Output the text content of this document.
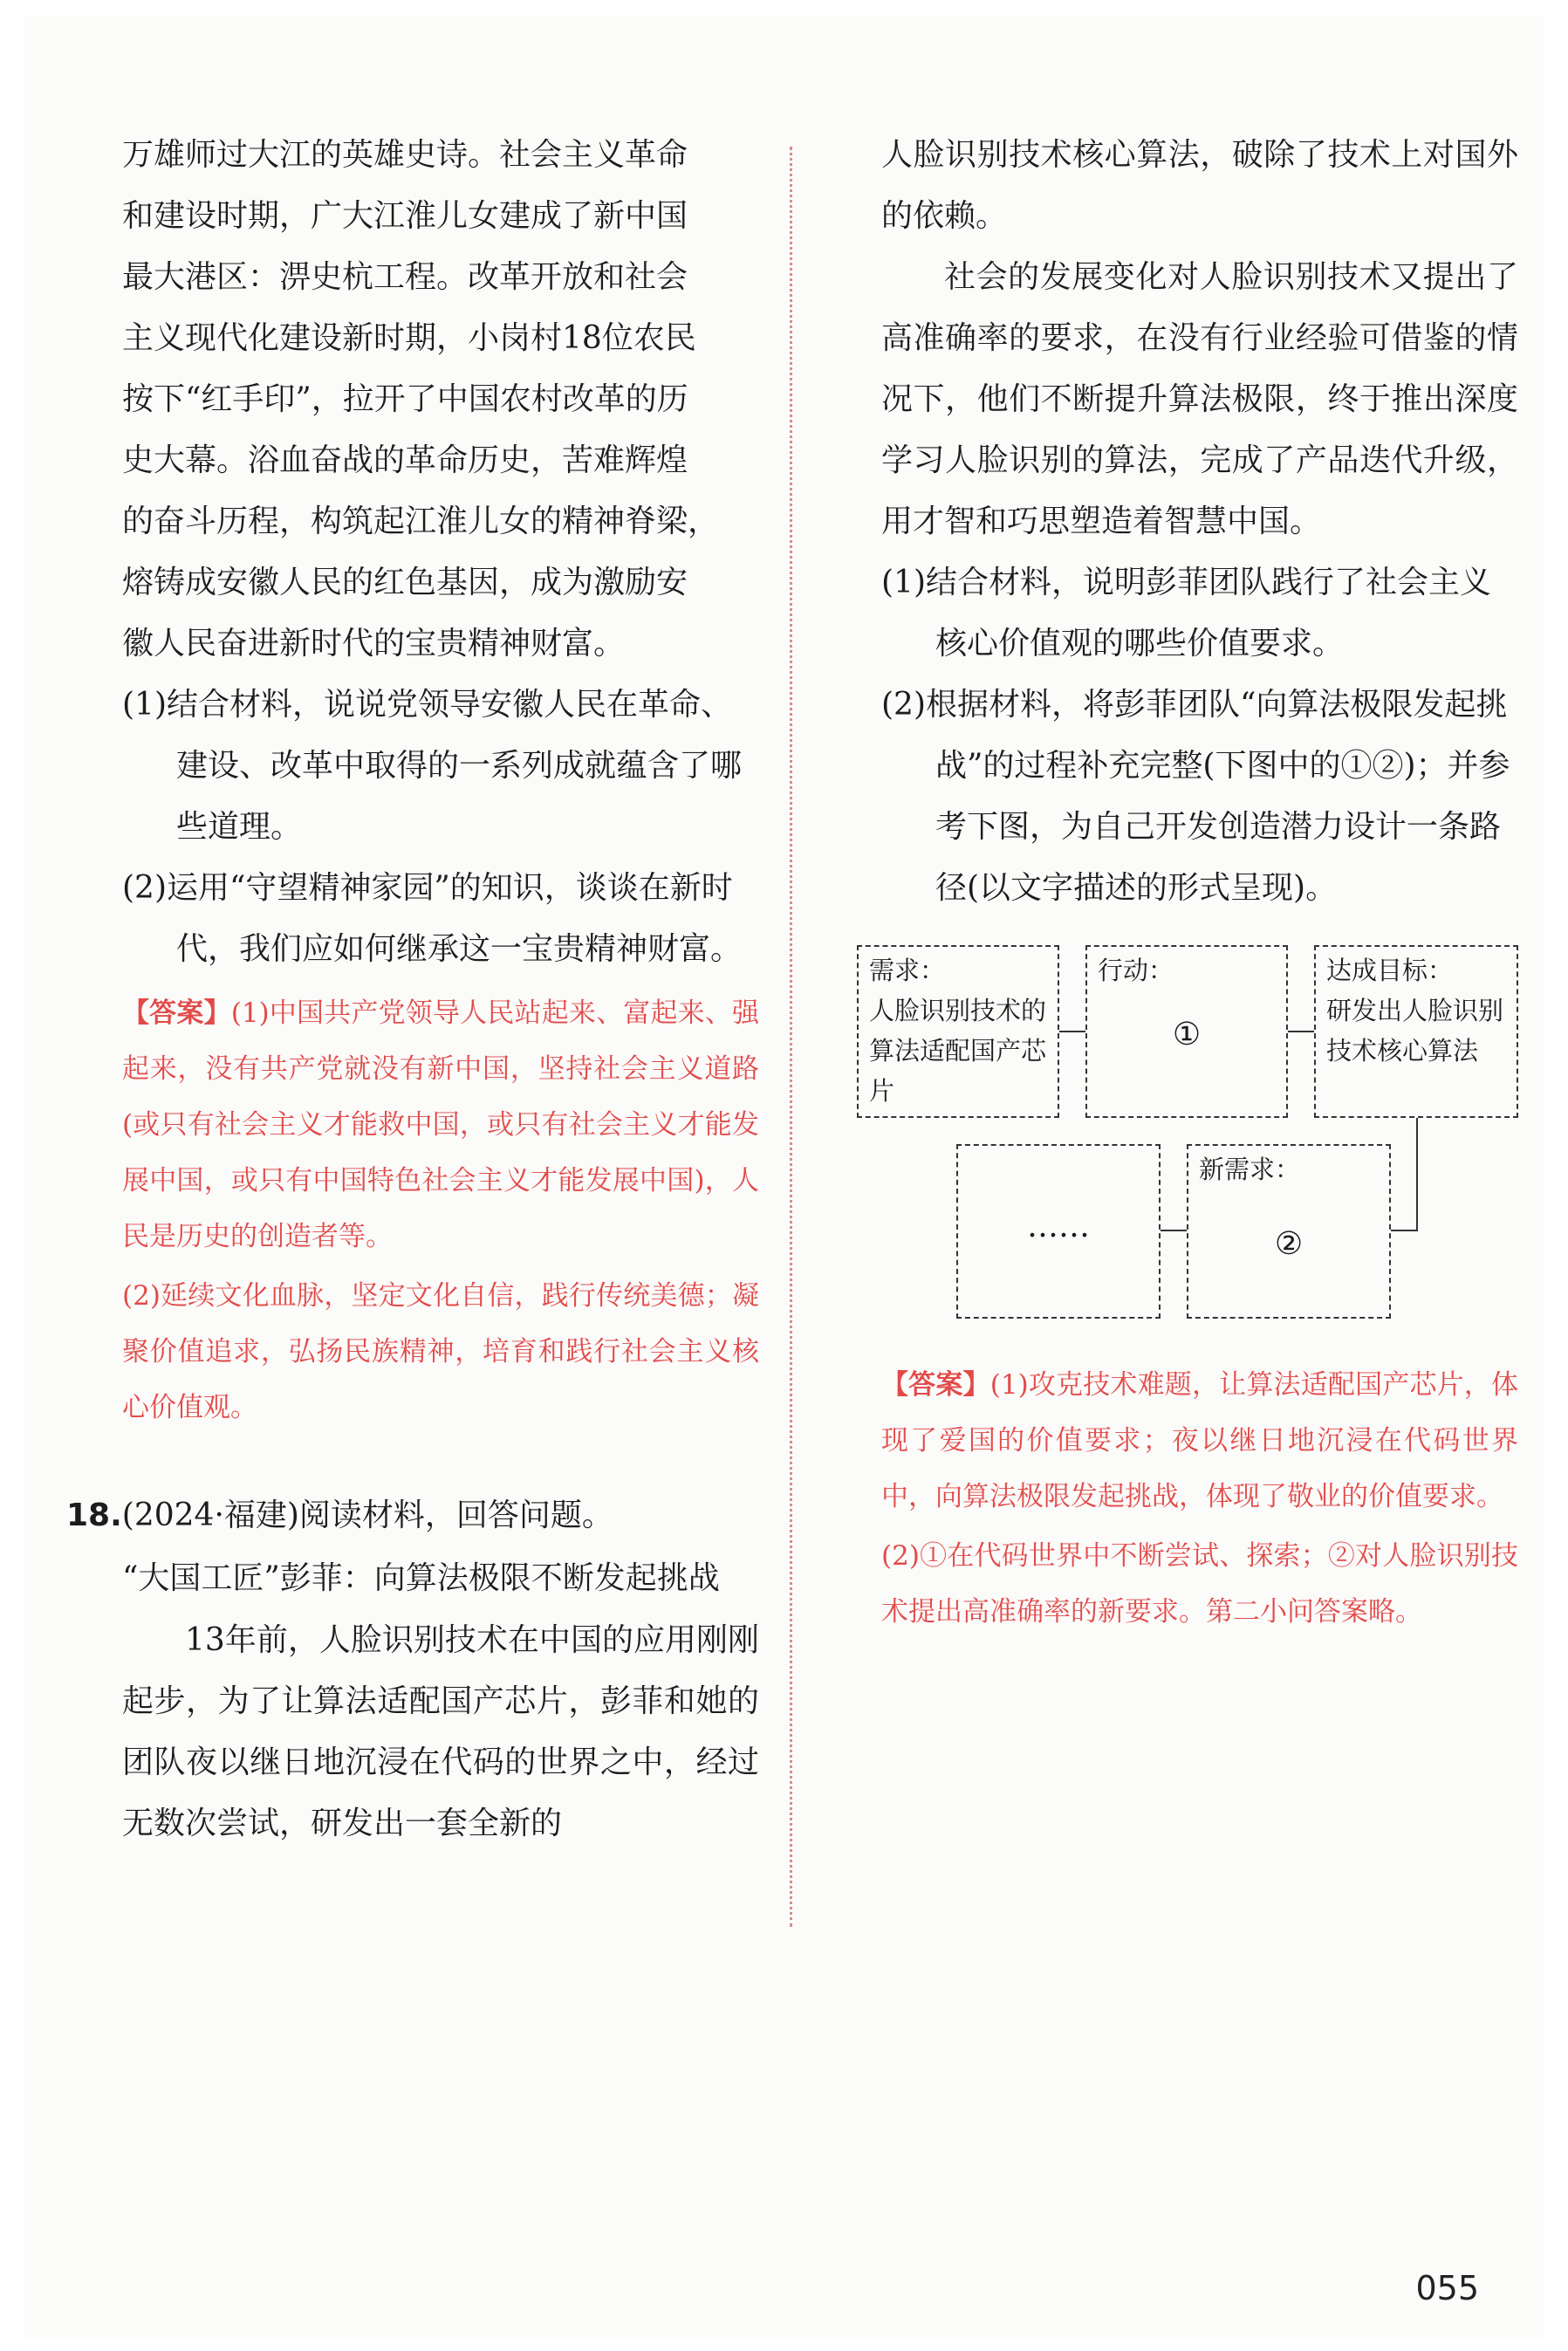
万雄师过大江的英雄史诗。社会主义革命

和建设时期，广大江淮儿女建成了新中国

最大港区：淠史杭工程。改革开放和社会

主义现代化建设新时期，小岗村18位农民

按下“红手印”，拉开了中国农村改革的历

史大幕。浴血奋战的革命历史，苦难辉煌

的奋斗历程，构筑起江淮儿女的精神脊梁，

熔铸成安徽人民的红色基因，成为激励安

徽人民奋进新时代的宝贵精神财富。

(1)结合材料，说说党领导安徽人民在革命、建设、改革中取得的一系列成就蕴含了哪些道理。

(2)运用“守望精神家园”的知识，谈谈在新时代，我们应如何继承这一宝贵精神财富。

【答案】(1)中国共产党领导人民站起来、富起来、强起来，没有共产党就没有新中国，坚持社会主义道路(或只有社会主义才能救中国，或只有社会主义才能发展中国，或只有中国特色社会主义才能发展中国)，人民是历史的创造者等。

(2)延续文化血脉，坚定文化自信，践行传统美德；凝聚价值追求，弘扬民族精神，培育和践行社会主义核心价值观。

18.(2024·福建)阅读材料，回答问题。

“大国工匠”彭菲：向算法极限不断发起挑战

13年前，人脸识别技术在中国的应用刚刚起步，为了让算法适配国产芯片，彭菲和她的团队夜以继日地沉浸在代码的世界之中，经过无数次尝试，研发出一套全新的

人脸识别技术核心算法，破除了技术上对国外的依赖。

社会的发展变化对人脸识别技术又提出了高准确率的要求，在没有行业经验可借鉴的情况下，他们不断提升算法极限，终于推出深度学习人脸识别的算法，完成了产品迭代升级，用才智和巧思塑造着智慧中国。

(1)结合材料，说明彭菲团队践行了社会主义核心价值观的哪些价值要求。

(2)根据材料，将彭菲团队“向算法极限发起挑战”的过程补充完整(下图中的①②)；并参考下图，为自己开发创造潜力设计一条路径(以文字描述的形式呈现)。

需求：
人脸识别技术的算法适配国产芯片
行动：
①
达成目标：
研发出人脸识别技术核心算法
新需求：
②
……

【答案】(1)攻克技术难题，让算法适配国产芯片，体现了爱国的价值要求；夜以继日地沉浸在代码世界中，向算法极限发起挑战，体现了敬业的价值要求。

(2)①在代码世界中不断尝试、探索；②对人脸识别技术提出高准确率的新要求。第二小问答案略。

055
